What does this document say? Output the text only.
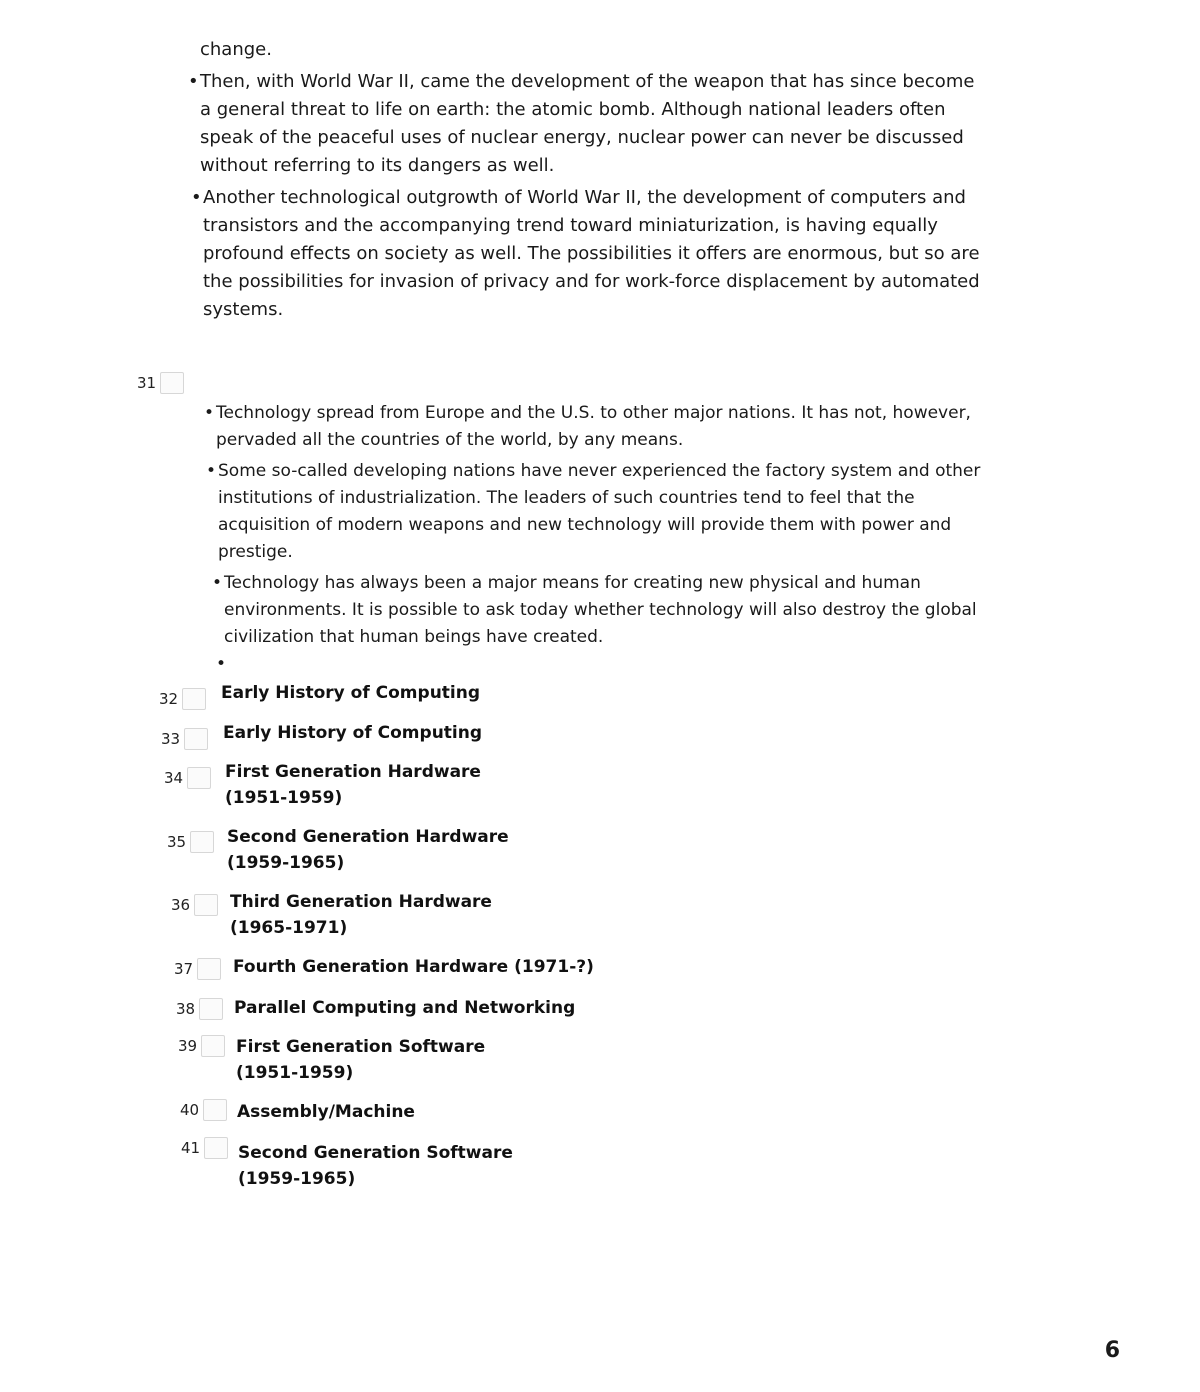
change.
• Then, with World War II, came the development of the weapon that has since become a general threat to life on earth: the atomic bomb. Although national leaders often speak of the peaceful uses of nuclear energy, nuclear power can never be discussed without referring to its dangers as well.
• Another technological outgrowth of World War II, the development of computers and transistors and the accompanying trend toward miniaturization, is having equally profound effects on society as well. The possibilities it offers are enormous, but so are the possibilities for invasion of privacy and for work-force displacement by automated systems.
31
• Technology spread from Europe and the U.S. to other major nations. It has not, however, pervaded all the countries of the world, by any means.
• Some so-called developing nations have never experienced the factory system and other institutions of industrialization. The leaders of such countries tend to feel that the acquisition of modern weapons and new technology will provide them with power and prestige.
• Technology has always been a major means for creating new physical and human environments. It is possible to ask today whether technology will also destroy the global civilization that human beings have created.
•
32	Early History of Computing
33	Early History of Computing
34 First Generation Hardware
(1951-1959)
35 Second Generation Hardware
(1959-1965)
36 Third Generation Hardware
(1965-1971)
37 Fourth Generation Hardware (1971-?)
38 Parallel Computing and Networking
39 First Generation Software
(1951-1959)
40 Assembly/Machine
41 Second Generation Software
(1959-1965)
6
